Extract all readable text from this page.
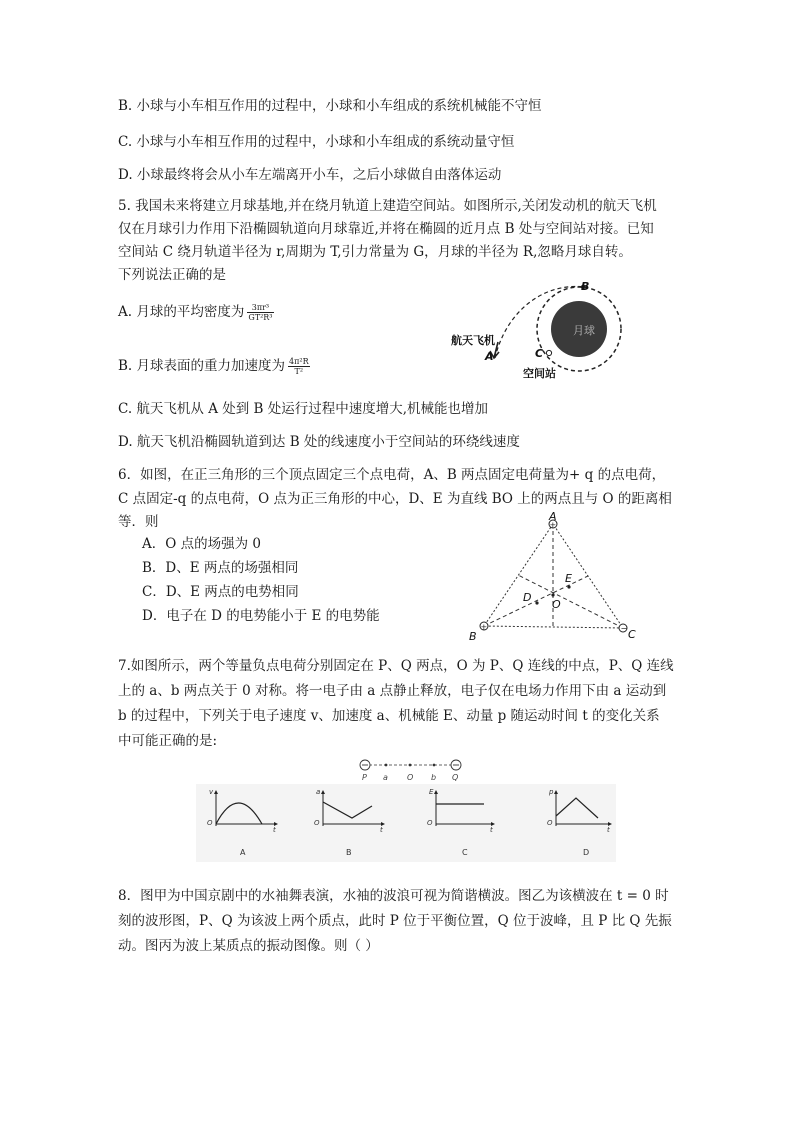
B. 小球与小车相互作用的过程中，小球和小车组成的系统机械能不守恒
C. 小球与小车相互作用的过程中，小球和小车组成的系统动量守恒
D. 小球最终将会从小车左端离开小车，之后小球做自由落体运动
5. 我国未来将建立月球基地,并在绕月轨道上建造空间站。如图所示,关闭发动机的航天飞机
仅在月球引力作用下沿椭圆轨道向月球靠近,并将在椭圆的近月点 B 处与空间站对接。已知
空间站 C 绕月轨道半径为 r,周期为 T,引力常量为 G，月球的半径为 R,忽略月球自转。
下列说法正确的是
A. 月球的平均密度为 $\frac{\text{3πr³}}{\text{GT²R³}}$
B. 月球表面的重力加速度为 $\frac{\text{4π²R}}{\text{T²}}$
C. 航天飞机从 A 处到 B 处运行过程中速度增大,机械能也增加
D. 航天飞机沿椭圆轨道到达 B 处的线速度小于空间站的环绕线速度
月球
航天飞机
A
B
C
空间站
6．如图，在正三角形的三个顶点固定三个点电荷，A、B 两点固定电荷量为+ q 的点电荷，
C 点固定-q 的点电荷，O 点为正三角形的中心，D、E 为直线 BO 上的两点且与 O 的距离相
等．则
A．O 点的场强为 0
B．D、E 两点的场强相同
C．D、E 两点的电势相同
D．电子在 D 的电势能小于 E 的电势能
+
+	−
A
B	C
D
E
O
7.如图所示，两个等量负点电荷分别固定在 P、Q 两点，O 为 P、Q 连线的中点，P、Q 连线
上的 a、b 两点关于 0 对称。将一电子由 a 点静止释放，电子仅在电场力作用下由 a 运动到
b 的过程中，下列关于电子速度 v、加速度 a、机械能 E、动量 p 随运动时间 t 的变化关系
中可能正确的是:
P a O b Q
v
O
t
A
a
O
t
B
E
O
t
C
p
O
t
D
8．图甲为中国京剧中的水袖舞表演，水袖的波浪可视为简谐横波。图乙为该横波在 t = 0 时
刻的波形图，P、Q 为该波上两个质点，此时 P 位于平衡位置，Q 位于波峰，且 P 比 Q 先振
动。图丙为波上某质点的振动图像。则（ ）
